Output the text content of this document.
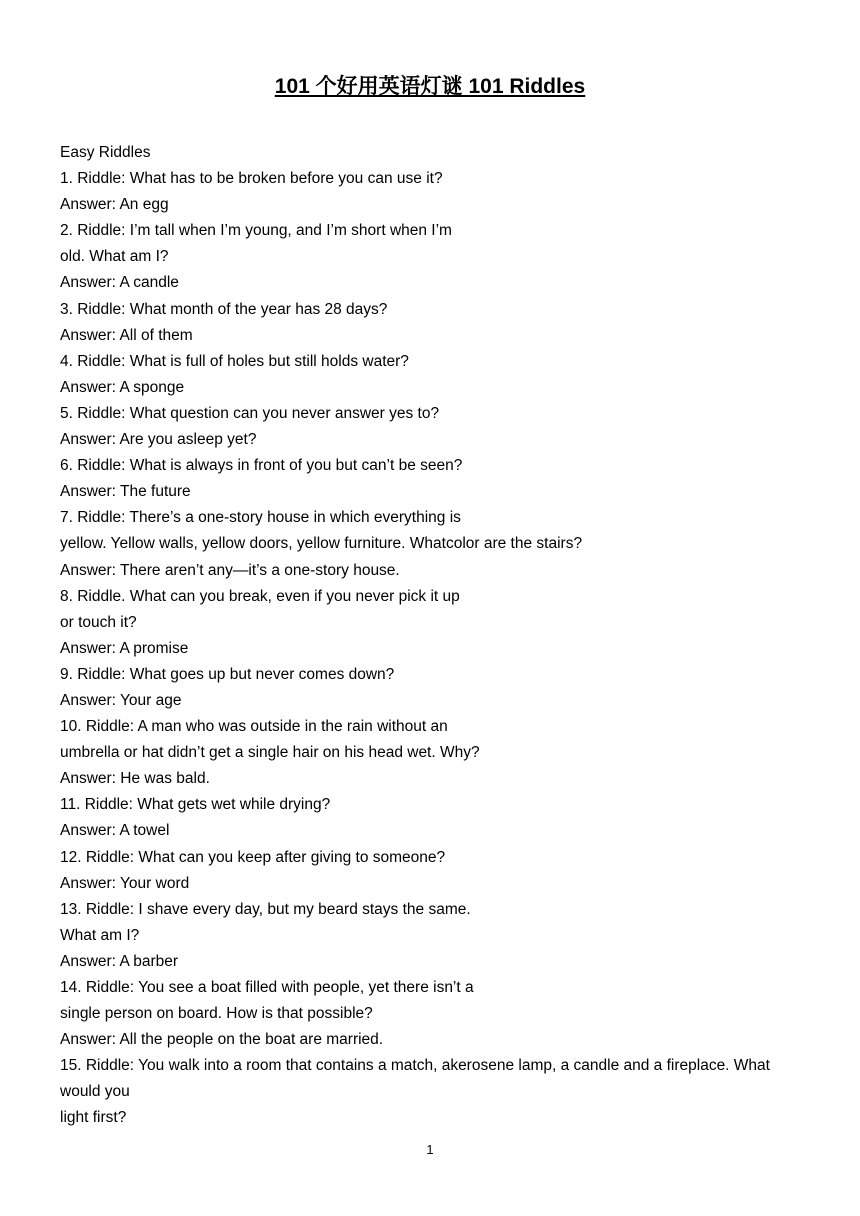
101 个好用英语灯谜 101 Riddles
Easy Riddles
1. Riddle: What has to be broken before you can use it?
Answer: An egg
2. Riddle: I’m tall when I’m young, and I’m short when I’m
old. What am I?
Answer: A candle
3. Riddle: What month of the year has 28 days?
Answer: All of them
4. Riddle: What is full of holes but still holds water?
Answer: A sponge
5. Riddle: What question can you never answer yes to?
Answer: Are you asleep yet?
6. Riddle: What is always in front of you but can’t be seen?
Answer: The future
7. Riddle: There’s a one-story house in which everything is
yellow. Yellow walls, yellow doors, yellow furniture. Whatcolor are the stairs?
Answer: There aren’t any—it’s a one-story house.
8. Riddle. What can you break, even if you never pick it up
or touch it?
Answer: A promise
9. Riddle: What goes up but never comes down?
Answer: Your age
10. Riddle: A man who was outside in the rain without an
umbrella or hat didn’t get a single hair on his head wet. Why?
Answer: He was bald.
11. Riddle: What gets wet while drying?
Answer: A towel
12. Riddle: What can you keep after giving to someone?
Answer: Your word
13. Riddle: I shave every day, but my beard stays the same.
What am I?
Answer: A barber
14. Riddle: You see a boat filled with people, yet there isn’t a
single person on board. How is that possible?
Answer: All the people on the boat are married.
15. Riddle: You walk into a room that contains a match, akerosene lamp, a candle and a fireplace. What
would you
light first?
1
